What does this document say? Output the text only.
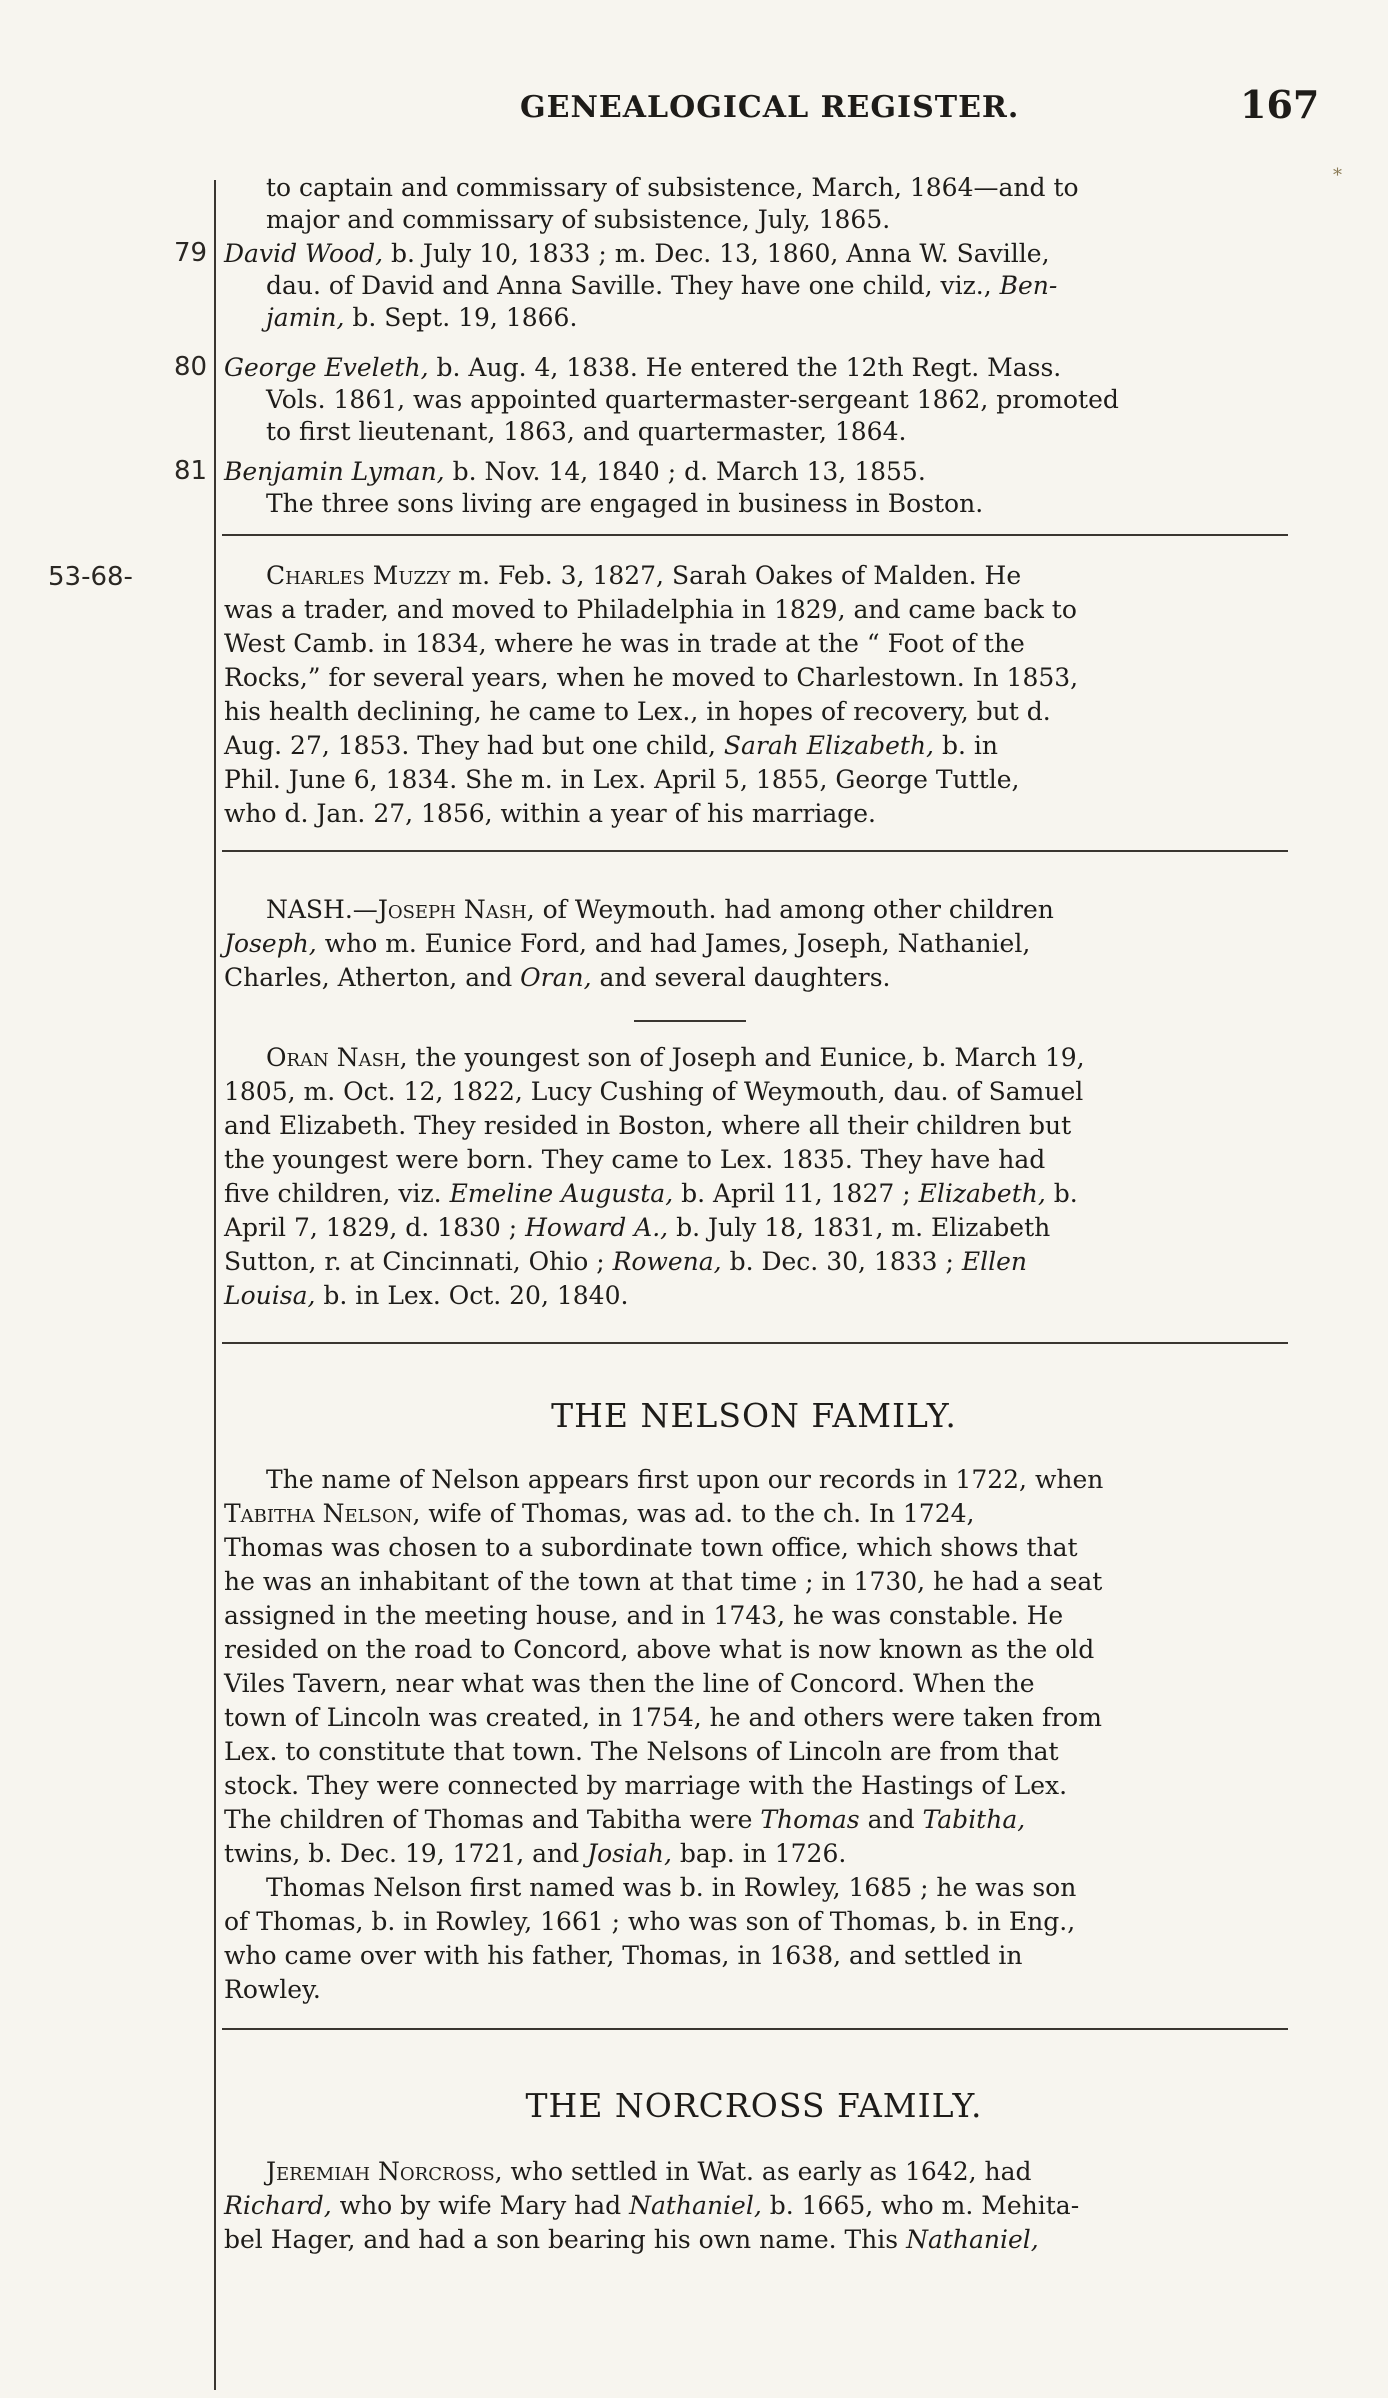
GENEALOGICAL REGISTER.	167
*
to captain and commissary of subsistence, March, 1864—and to
major and commissary of subsistence, July, 1865.
79 David Wood, b. July 10, 1833 ; m. Dec. 13, 1860, Anna W. Saville,
dau. of David and Anna Saville. They have one child, viz., Ben-
jamin, b. Sept. 19, 1866.
80 George Eveleth, b. Aug. 4, 1838. He entered the 12th Regt. Mass.
Vols. 1861, was appointed quartermaster-sergeant 1862, promoted
to first lieutenant, 1863, and quartermaster, 1864.
81 Benjamin Lyman, b. Nov. 14, 1840 ; d. March 13, 1855.
The three sons living are engaged in business in Boston.
53-68-	Charles Muzzy m. Feb. 3, 1827, Sarah Oakes of Malden. He
was a trader, and moved to Philadelphia in 1829, and came back to
West Camb. in 1834, where he was in trade at the “ Foot of the
Rocks,” for several years, when he moved to Charlestown. In 1853,
his health declining, he came to Lex., in hopes of recovery, but d.
Aug. 27, 1853. They had but one child, Sarah Elizabeth, b. in
Phil. June 6, 1834. She m. in Lex. April 5, 1855, George Tuttle,
who d. Jan. 27, 1856, within a year of his marriage.
NASH.—Joseph Nash, of Weymouth. had among other children
Joseph, who m. Eunice Ford, and had James, Joseph, Nathaniel,
Charles, Atherton, and Oran, and several daughters.
Oran Nash, the youngest son of Joseph and Eunice, b. March 19,
1805, m. Oct. 12, 1822, Lucy Cushing of Weymouth, dau. of Samuel
and Elizabeth. They resided in Boston, where all their children but
the youngest were born. They came to Lex. 1835. They have had
five children, viz. Emeline Augusta, b. April 11, 1827 ; Elizabeth, b.
April 7, 1829, d. 1830 ; Howard A., b. July 18, 1831, m. Elizabeth
Sutton, r. at Cincinnati, Ohio ; Rowena, b. Dec. 30, 1833 ; Ellen
Louisa, b. in Lex. Oct. 20, 1840.
THE NELSON FAMILY.
The name of Nelson appears first upon our records in 1722, when
Tabitha Nelson, wife of Thomas, was ad. to the ch. In 1724,
Thomas was chosen to a subordinate town office, which shows that
he was an inhabitant of the town at that time ; in 1730, he had a seat
assigned in the meeting house, and in 1743, he was constable. He
resided on the road to Concord, above what is now known as the old
Viles Tavern, near what was then the line of Concord. When the
town of Lincoln was created, in 1754, he and others were taken from
Lex. to constitute that town. The Nelsons of Lincoln are from that
stock. They were connected by marriage with the Hastings of Lex.
The children of Thomas and Tabitha were Thomas and Tabitha,
twins, b. Dec. 19, 1721, and Josiah, bap. in 1726.
Thomas Nelson first named was b. in Rowley, 1685 ; he was son
of Thomas, b. in Rowley, 1661 ; who was son of Thomas, b. in Eng.,
who came over with his father, Thomas, in 1638, and settled in
Rowley.
THE NORCROSS FAMILY.
Jeremiah Norcross, who settled in Wat. as early as 1642, had
Richard, who by wife Mary had Nathaniel, b. 1665, who m. Mehita-
bel Hager, and had a son bearing his own name. This Nathaniel,
